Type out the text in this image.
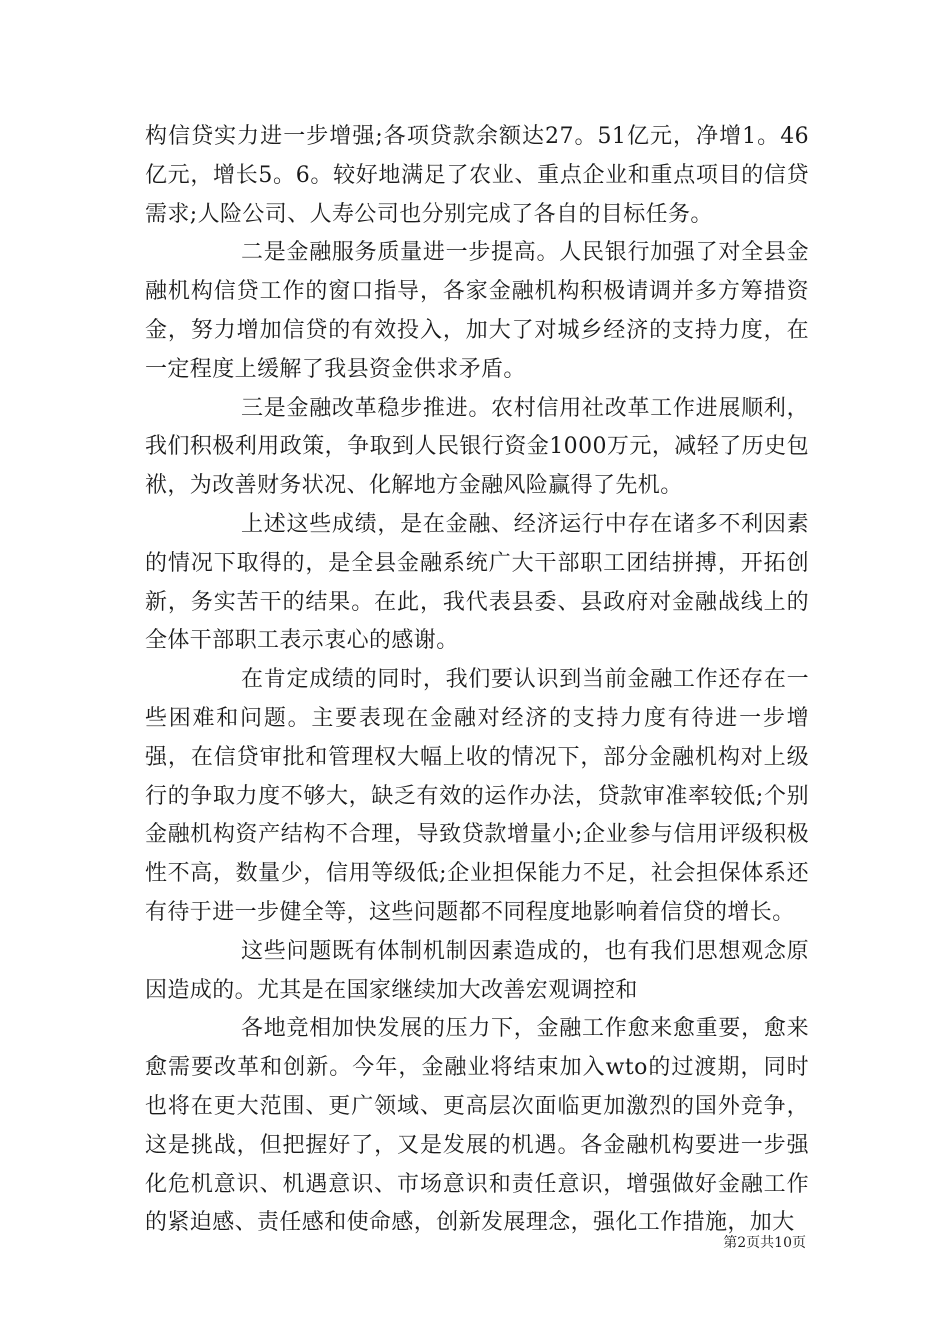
构信贷实力进一步增强;各项贷款余额达27。51亿元，净增1。46亿元，增长5。6。较好地满足了农业、重点企业和重点项目的信贷需求;人险公司、人寿公司也分别完成了各自的目标任务。

二是金融服务质量进一步提高。人民银行加强了对全县金融机构信贷工作的窗口指导，各家金融机构积极请调并多方筹措资金，努力增加信贷的有效投入，加大了对城乡经济的支持力度，在一定程度上缓解了我县资金供求矛盾。

三是金融改革稳步推进。农村信用社改革工作进展顺利，我们积极利用政策，争取到人民银行资金1000万元，减轻了历史包袱，为改善财务状况、化解地方金融风险赢得了先机。

上述这些成绩，是在金融、经济运行中存在诸多不利因素的情况下取得的，是全县金融系统广大干部职工团结拼搏，开拓创新，务实苦干的结果。在此，我代表县委、县政府对金融战线上的全体干部职工表示衷心的感谢。

在肯定成绩的同时，我们要认识到当前金融工作还存在一些困难和问题。主要表现在金融对经济的支持力度有待进一步增强，在信贷审批和管理权大幅上收的情况下，部分金融机构对上级行的争取力度不够大，缺乏有效的运作办法，贷款审准率较低;个别金融机构资产结构不合理，导致贷款增量小;企业参与信用评级积极性不高，数量少，信用等级低;企业担保能力不足，社会担保体系还有待于进一步健全等，这些问题都不同程度地影响着信贷的增长。

这些问题既有体制机制因素造成的，也有我们思想观念原因造成的。尤其是在国家继续加大改善宏观调控和

各地竞相加快发展的压力下，金融工作愈来愈重要，愈来愈需要改革和创新。今年，金融业将结束加入wto的过渡期，同时也将在更大范围、更广领域、更高层次面临更加激烈的国外竞争，这是挑战，但把握好了，又是发展的机遇。各金融机构要进一步强化危机意识、机遇意识、市场意识和责任意识，增强做好金融工作的紧迫感、责任感和使命感，创新发展理念，强化工作措施，加大

第2页共10页
